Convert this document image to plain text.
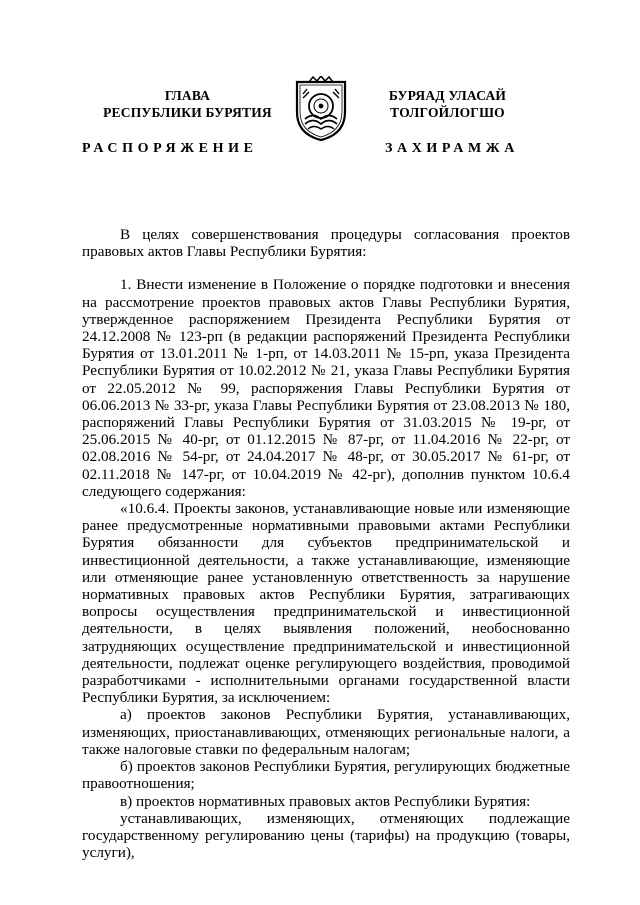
ГЛАВА
РЕСПУБЛИКИ БУРЯТИЯ
БУРЯАД УЛАСАЙ
ТОЛГОЙЛОГШО
РАСПОРЯЖЕНИЕ	ЗАХИРАМЖА

В целях совершенствования процедуры согласования проектов правовых актов Главы Республики Бурятия:

1. Внести изменение в Положение о порядке подготовки и внесения на рассмотрение проектов правовых актов Главы Республики Бурятия, утвержденное распоряжением Президента Республики Бурятия от 24.12.2008 № 123-рп (в редакции распоряжений Президента Республики Бурятия от 13.01.2011 № 1-рп, от 14.03.2011 № 15-рп, указа Президента Республики Бурятия от 10.02.2012 № 21, указа Главы Республики Бурятия от 22.05.2012 № 99, распоряжения Главы Республики Бурятия от 06.06.2013 № 33-рг, указа Главы Республики Бурятия от 23.08.2013 № 180, распоряжений Главы Республики Бурятия от 31.03.2015 № 19-рг, от 25.06.2015 № 40-рг, от 01.12.2015 № 87-рг, от 11.04.2016 № 22-рг, от 02.08.2016 № 54-рг, от 24.04.2017 № 48-рг, от 30.05.2017 № 61-рг, от 02.11.2018 № 147-рг, от 10.04.2019 № 42-рг), дополнив пунктом 10.6.4 следующего содержания:

«10.6.4. Проекты законов, устанавливающие новые или изменяющие ранее предусмотренные нормативными правовыми актами Республики Бурятия обязанности для субъектов предпринимательской и инвестиционной деятельности, а также устанавливающие, изменяющие или отменяющие ранее установленную ответственность за нарушение нормативных правовых актов Республики Бурятия, затрагивающих вопросы осуществления предпринимательской и инвестиционной деятельности, в целях выявления положений, необоснованно затрудняющих осуществление предпринимательской и инвестиционной деятельности, подлежат оценке регулирующего воздействия, проводимой разработчиками - исполнительными органами государственной власти Республики Бурятия, за исключением:

а) проектов законов Республики Бурятия, устанавливающих, изменяющих, приостанавливающих, отменяющих региональные налоги, а также налоговые ставки по федеральным налогам;

б) проектов законов Республики Бурятия, регулирующих бюджетные правоотношения;

в) проектов нормативных правовых актов Республики Бурятия:

устанавливающих, изменяющих, отменяющих подлежащие государственному регулированию цены (тарифы) на продукцию (товары, услуги),
